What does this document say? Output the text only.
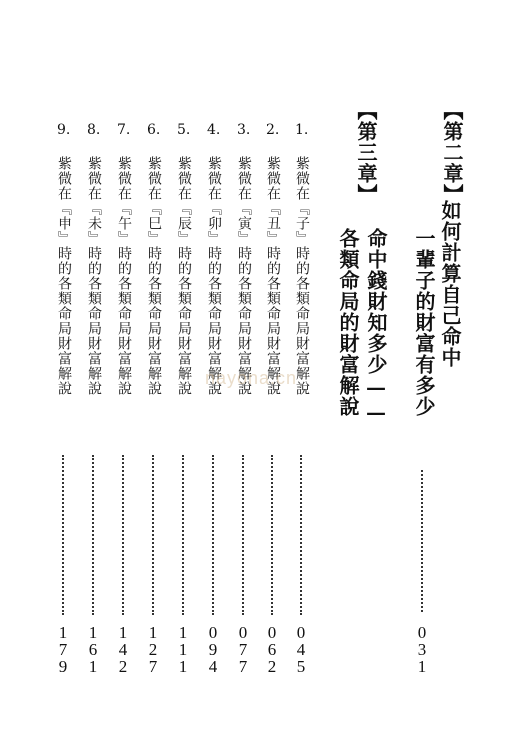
【第二章】
如何計算自己命中
一輩子的財富有多少
0
3
1
【第三章】
命中錢財知多少——
各類命局的財富解說
1.
紫微在『子』時的各類命局財富解說
0
4
5
2.
紫微在『丑』時的各類命局財富解說
0
6
2
3.
紫微在『寅』時的各類命局財富解說
0
7
7
4.
紫微在『卯』時的各類命局財富解說
0
9
4
5.
紫微在『辰』時的各類命局財富解說
1
1
1
6.
紫微在『巳』時的各類命局財富解說
1
2
7
7.
紫微在『午』時的各類命局財富解說
1
4
2
8.
紫微在『未』時的各類命局財富解說
1
6
1
9.
紫微在『申』時的各類命局財富解說
1
7
9
nayona.cn
